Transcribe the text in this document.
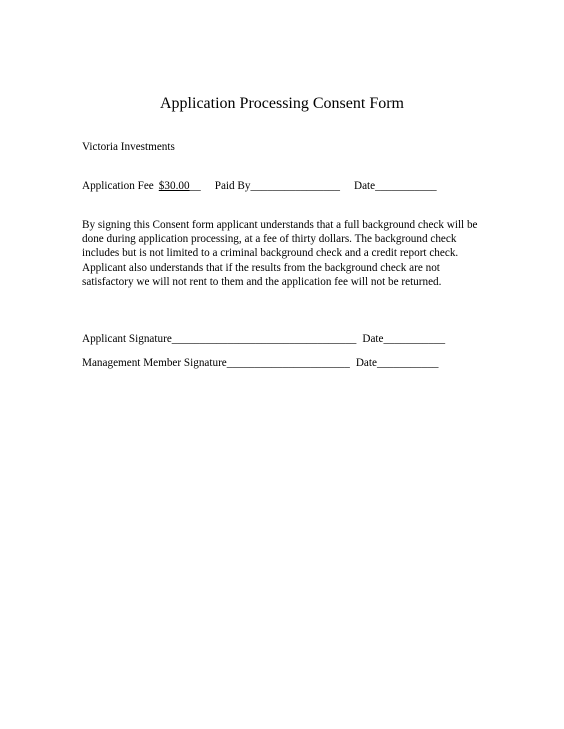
Application Processing Consent Form
Victoria Investments
Application Fee $30.00__ Paid By________________ Date___________
By signing this Consent form applicant understands that a full background check will be
done during application processing, at a fee of thirty dollars. The background check
includes but is not limited to a criminal background check and a credit report check.
Applicant also understands that if the results from the background check are not
satisfactory we will not rent to them and the application fee will not be returned.
Applicant Signature_________________________________ Date___________
Management Member Signature______________________ Date___________
